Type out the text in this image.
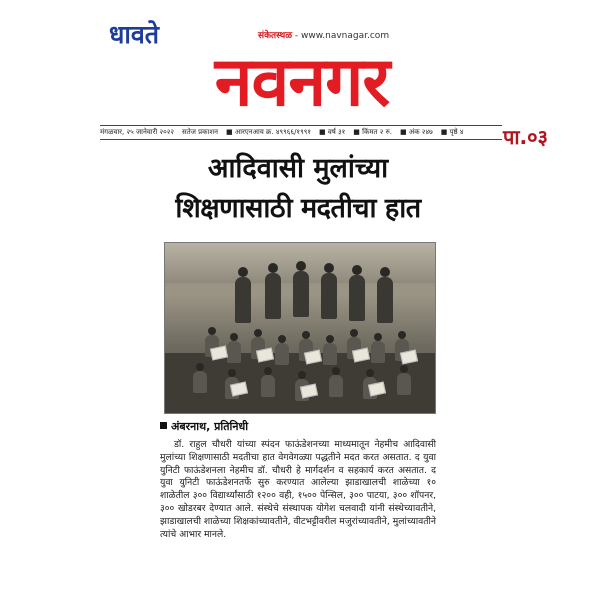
धावते	संकेतस्थळ - www.navnagar.com
नवनगर
मंगळवार, २५ जानेवारी २०२२ सतेज प्रकाशन ■ आरएनआय क्र. ४९९६६/१९९१ ■ वर्ष ३१ ■ किंमत २ रु. ■ अंक २४७ ■ पृष्ठे ४ पा.०३
आदिवासी मुलांच्या
शिक्षणासाठी मदतीचा हात
अंबरनाथ, प्रतिनिधी
डॉ. राहुल चौधरी यांच्या स्पंदन फाऊंडेशनच्या माध्यमातून नेहमीच आदिवासी मुलांच्या शिक्षणासाठी मदतीचा हात वेगवेगळ्या पद्धतीने मदत करत असतात. द युवा युनिटी फाऊंडेशनला नेहमीच डॉ. चौधरी हे मार्गदर्शन व सहकार्य करत असतात. द युवा युनिटी फाऊंडेशनतर्फे सुरु करण्यात आलेल्या झाडाखालची शाळेच्या १० शाळेतील ३०० विद्यार्थ्यांसाठी १२०० वही, १५०० पेन्सिल, ३०० पाटया, ३०० शॉपनर, ३०० खोडरबर देण्यात आले. संस्थेचे संस्थापक योगेश चलवादी यांनी संस्थेच्यावतीने, झाडाखालची शाळेच्या शिक्षकांच्यावतीने, वीटभट्टीवरील मजुरांच्यावतीने, मुलांच्यावतीने त्यांचे आभार मानले.
